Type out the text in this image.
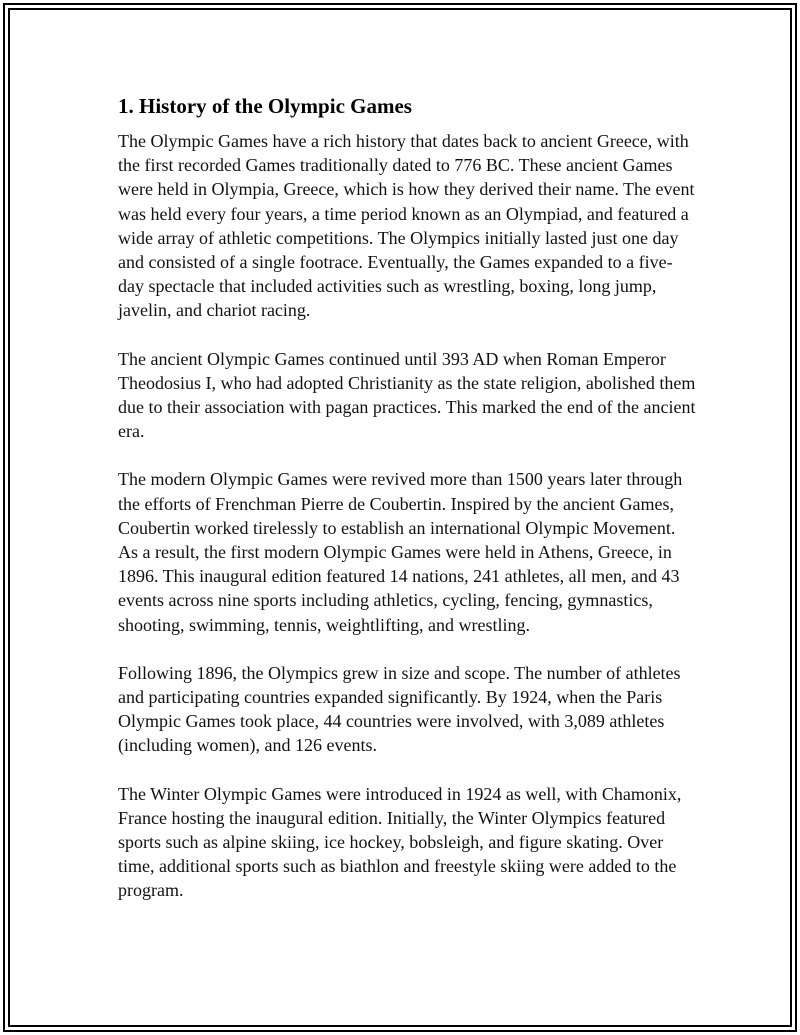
1. History of the Olympic Games

The Olympic Games have a rich history that dates back to ancient Greece, with the first recorded Games traditionally dated to 776 BC. These ancient Games were held in Olympia, Greece, which is how they derived their name. The event was held every four years, a time period known as an Olympiad, and featured a wide array of athletic competitions. The Olympics initially lasted just one day and consisted of a single footrace. Eventually, the Games expanded to a five-day spectacle that included activities such as wrestling, boxing, long jump, javelin, and chariot racing.

The ancient Olympic Games continued until 393 AD when Roman Emperor Theodosius I, who had adopted Christianity as the state religion, abolished them due to their association with pagan practices. This marked the end of the ancient era.

The modern Olympic Games were revived more than 1500 years later through the efforts of Frenchman Pierre de Coubertin. Inspired by the ancient Games, Coubertin worked tirelessly to establish an international Olympic Movement. As a result, the first modern Olympic Games were held in Athens, Greece, in 1896. This inaugural edition featured 14 nations, 241 athletes, all men, and 43 events across nine sports including athletics, cycling, fencing, gymnastics, shooting, swimming, tennis, weightlifting, and wrestling.

Following 1896, the Olympics grew in size and scope. The number of athletes and participating countries expanded significantly. By 1924, when the Paris Olympic Games took place, 44 countries were involved, with 3,089 athletes (including women), and 126 events.

The Winter Olympic Games were introduced in 1924 as well, with Chamonix, France hosting the inaugural edition. Initially, the Winter Olympics featured sports such as alpine skiing, ice hockey, bobsleigh, and figure skating. Over time, additional sports such as biathlon and freestyle skiing were added to the program.
